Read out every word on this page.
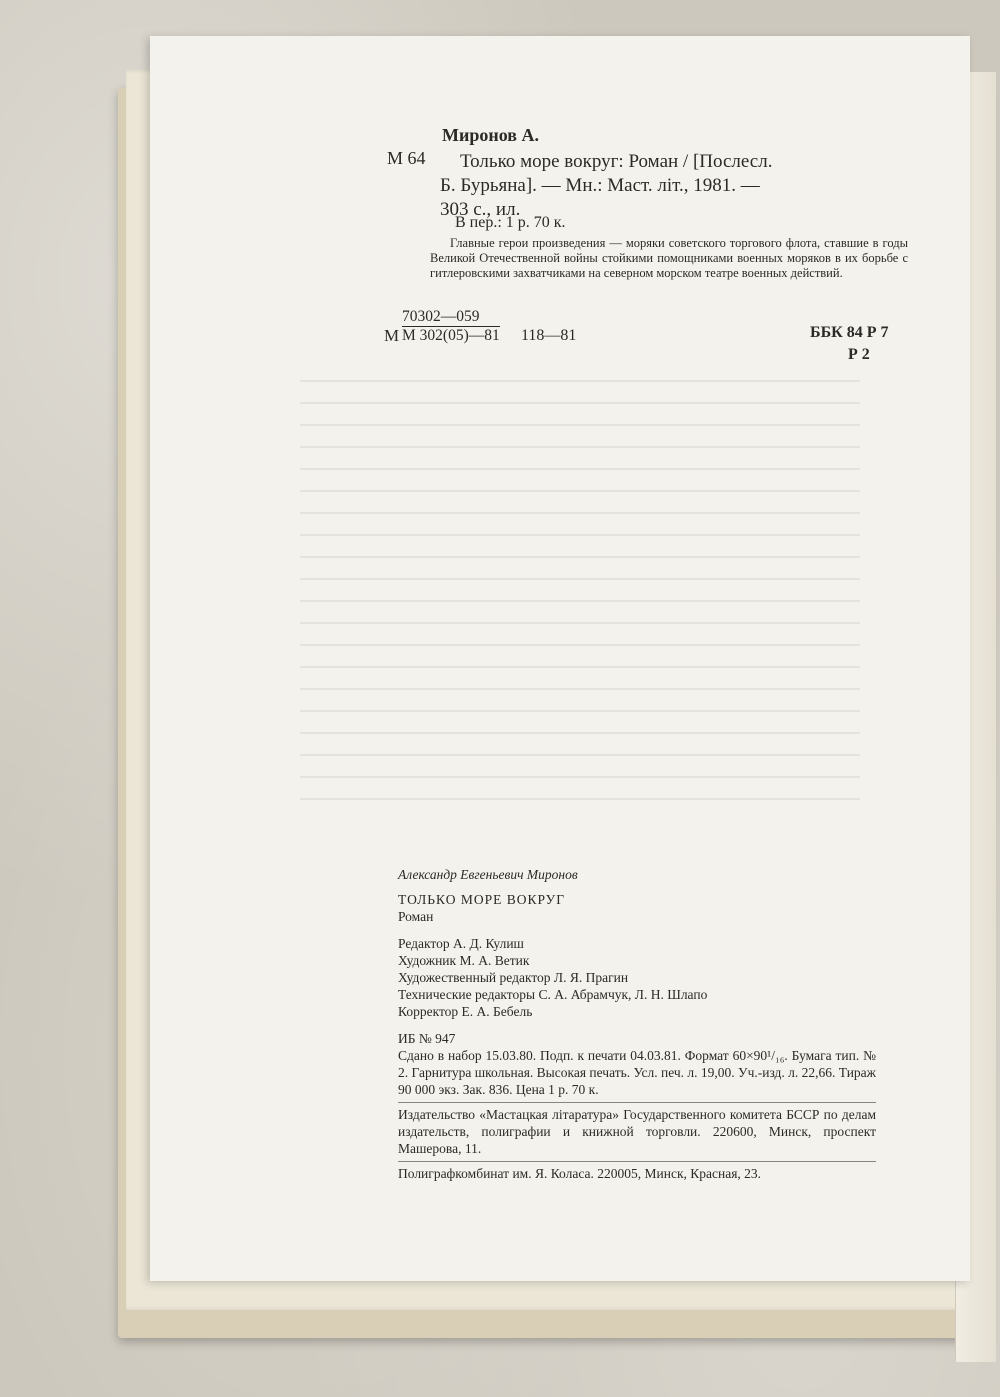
Миронов А.
М 64	Только море вокруг: Роман / [Послесл.
Б. Бурьяна]. — Мн.: Маст. літ., 1981. —
303 с., ил.
В пер.: 1 р. 70 к.
Главные герои произведения — моряки советского торгового флота, ставшие в годы Великой Отечественной войны стойкими помощниками военных моряков в их борьбе с гитлеровскими захватчиками на северном морском театре военных действий.
М
70302—059
М 302(05)—81 118—81	ББК 84 Р 7
Р 2
Александр Евгеньевич Миронов
ТОЛЬКО МОРЕ ВОКРУГ
Роман
Редактор А. Д. Кулиш
Художник М. А. Ветик
Художественный редактор Л. Я. Прагин
Технические редакторы С. А. Абрамчук, Л. Н. Шлапо
Корректор Е. А. Бебель
ИБ № 947
Сдано в набор 15.03.80. Подп. к печати 04.03.81. Формат 60×90¹/₁₆. Бумага тип. № 2. Гарнитура школьная. Высокая печать. Усл. печ. л. 19,00. Уч.-изд. л. 22,66. Тираж 90 000 экз. Зак. 836. Цена 1 р. 70 к.
Издательство «Мастацкая літаратура» Государственного комитета БССР по делам издательств, полиграфии и книжной торговли. 220600, Минск, проспект Машерова, 11.
Полиграфкомбинат им. Я. Коласа. 220005, Минск, Красная, 23.
